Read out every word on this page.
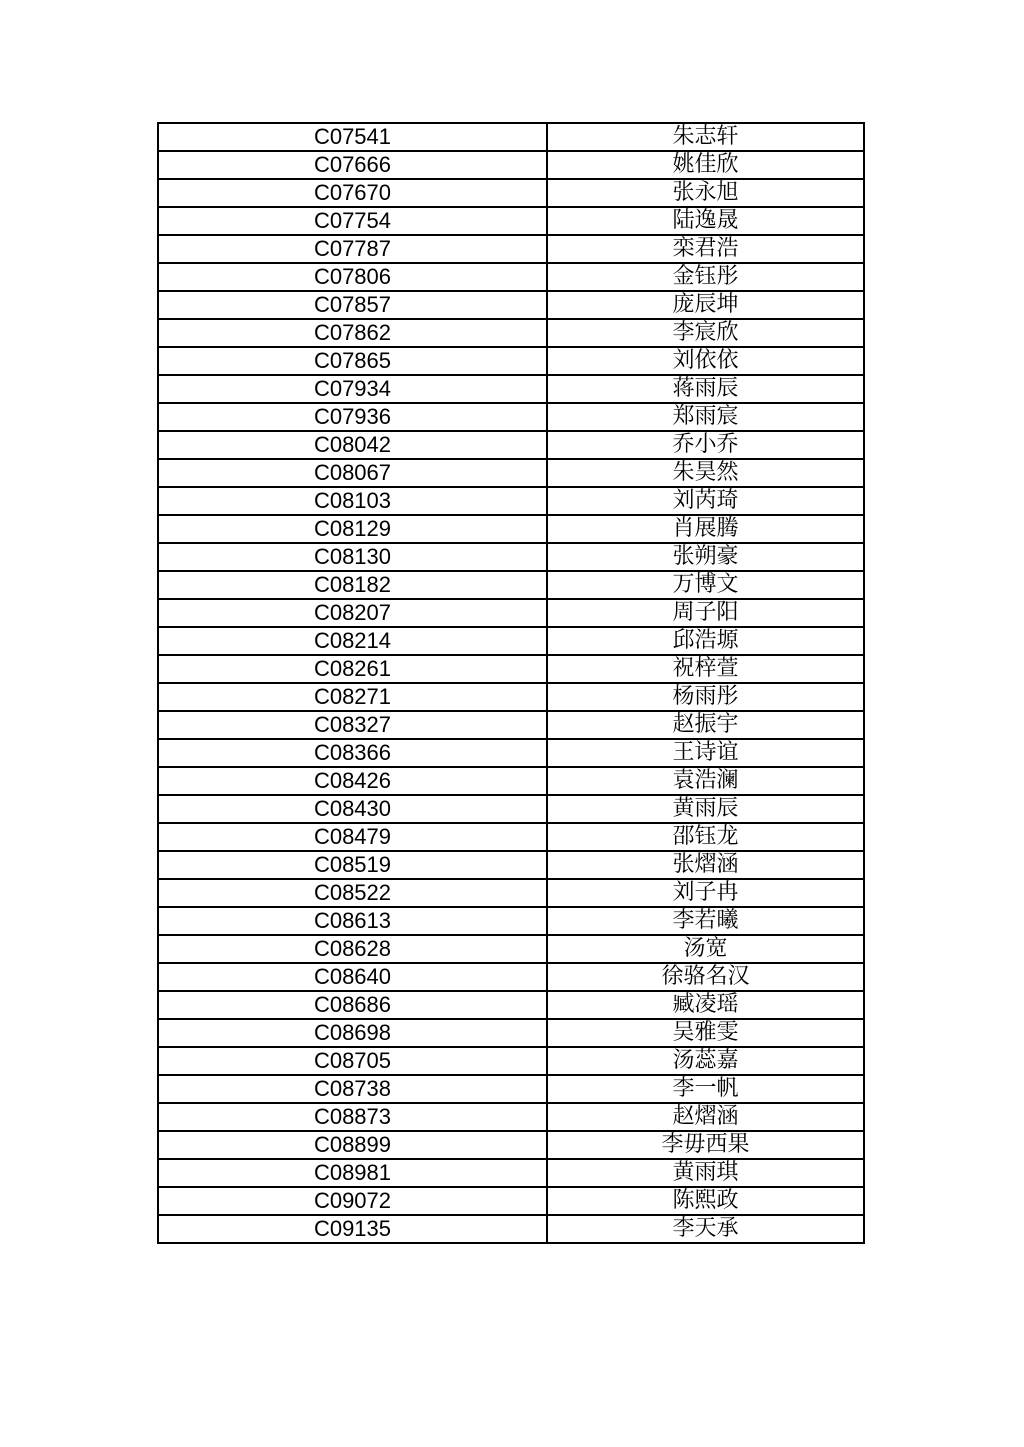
C07541	朱志轩
C07666	姚佳欣
C07670	张永旭
C07754	陆逸晟
C07787	栾君浩
C07806	金钰彤
C07857	庞辰坤
C07862	李宸欣
C07865	刘依依
C07934	蒋雨辰
C07936	郑雨宸
C08042	乔小乔
C08067	朱昊然
C08103	刘芮琦
C08129	肖展腾
C08130	张朔豪
C08182	万博文
C08207	周子阳
C08214	邱浩塬
C08261	祝梓萱
C08271	杨雨彤
C08327	赵振宇
C08366	王诗谊
C08426	袁浩澜
C08430	黄雨辰
C08479	邵钰龙
C08519	张熠涵
C08522	刘子冉
C08613	李若曦
C08628	汤宽
C08640	徐骆名汉
C08686	臧凌瑶
C08698	吴雅雯
C08705	汤蕊嘉
C08738	李一帆
C08873	赵熠涵
C08899	李毋西果
C08981	黄雨琪
C09072	陈熙政
C09135	李天承
